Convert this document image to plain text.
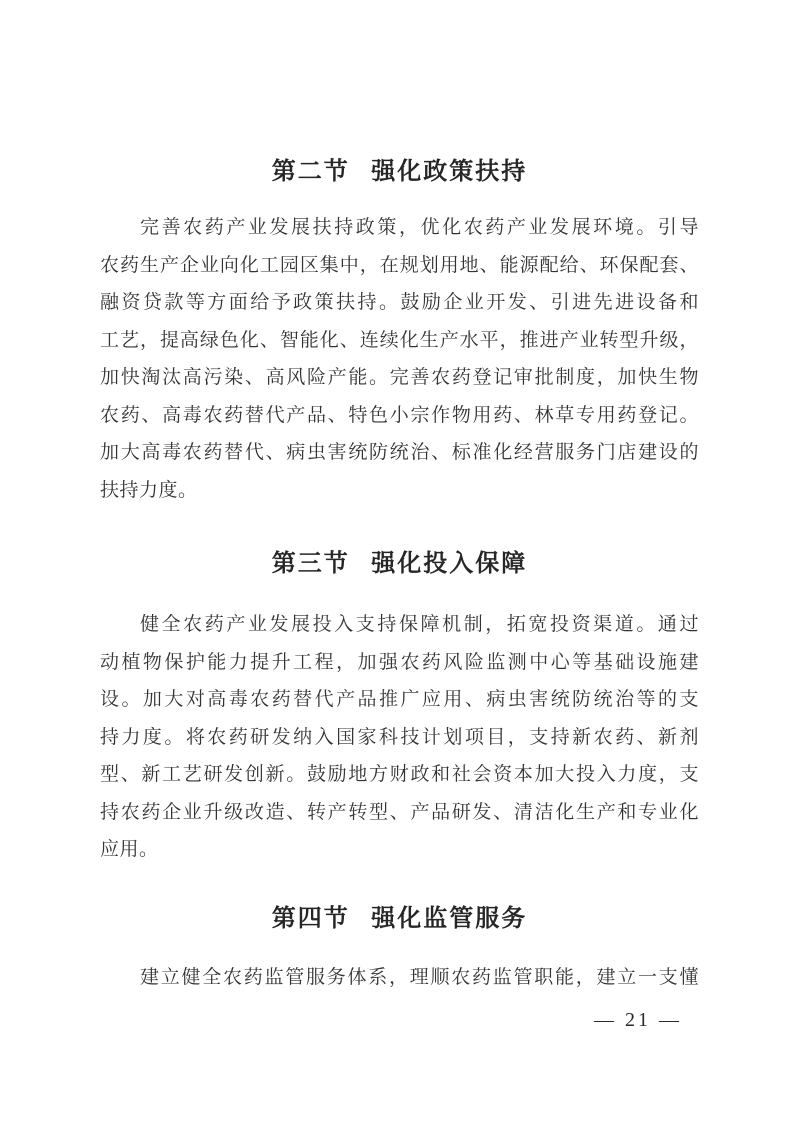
第二节 强化政策扶持
完善农药产业发展扶持政策，优化农药产业发展环境。引导
农药生产企业向化工园区集中，在规划用地、能源配给、环保配套、
融资贷款等方面给予政策扶持。鼓励企业开发、引进先进设备和
工艺，提高绿色化、智能化、连续化生产水平，推进产业转型升级，
加快淘汰高污染、高风险产能。完善农药登记审批制度，加快生物
农药、高毒农药替代产品、特色小宗作物用药、林草专用药登记。
加大高毒农药替代、病虫害统防统治、标准化经营服务门店建设的
扶持力度。
第三节 强化投入保障
健全农药产业发展投入支持保障机制，拓宽投资渠道。通过
动植物保护能力提升工程，加强农药风险监测中心等基础设施建
设。加大对高毒农药替代产品推广应用、病虫害统防统治等的支
持力度。将农药研发纳入国家科技计划项目，支持新农药、新剂
型、新工艺研发创新。鼓励地方财政和社会资本加大投入力度，支
持农药企业升级改造、转产转型、产品研发、清洁化生产和专业化
应用。
第四节 强化监管服务
建立健全农药监管服务体系，理顺农药监管职能，建立一支懂
— 21 —
